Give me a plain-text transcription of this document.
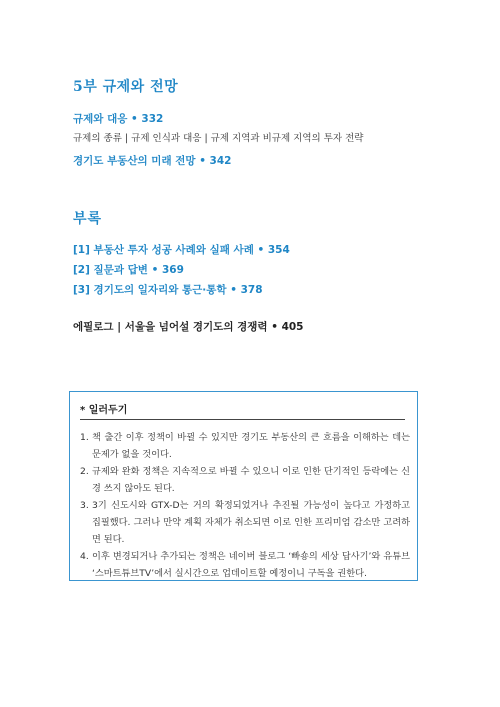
5부 규제와 전망
규제와 대응 • 332
규제의 종류 | 규제 인식과 대응 | 규제 지역과 비규제 지역의 투자 전략
경기도 부동산의 미래 전망 • 342
부록
[1] 부동산 투자 성공 사례와 실패 사례 • 354
[2] 질문과 답변 • 369
[3] 경기도의 일자리와 통근·통학 • 378
에필로그 | 서울을 넘어설 경기도의 경쟁력 • 405
* 일러두기
1. 책 출간 이후 정책이 바뀔 수 있지만 경기도 부동산의 큰 흐름을 이해하는 데는 문제가 없을 것이다.
2. 규제와 완화 정책은 지속적으로 바뀔 수 있으니 이로 인한 단기적인 등락에는 신경 쓰지 않아도 된다.
3. 3기 신도시와 GTX-D는 거의 확정되었거나 추진될 가능성이 높다고 가정하고 집필했다. 그러나 만약 계획 자체가 취소되면 이로 인한 프리미엄 감소만 고려하면 된다.
4. 이후 변경되거나 추가되는 정책은 네이버 블로그 ‘빠숑의 세상 답사기’와 유튜브 ‘스마트튜브TV’에서 실시간으로 업데이트할 예정이니 구독을 권한다.
